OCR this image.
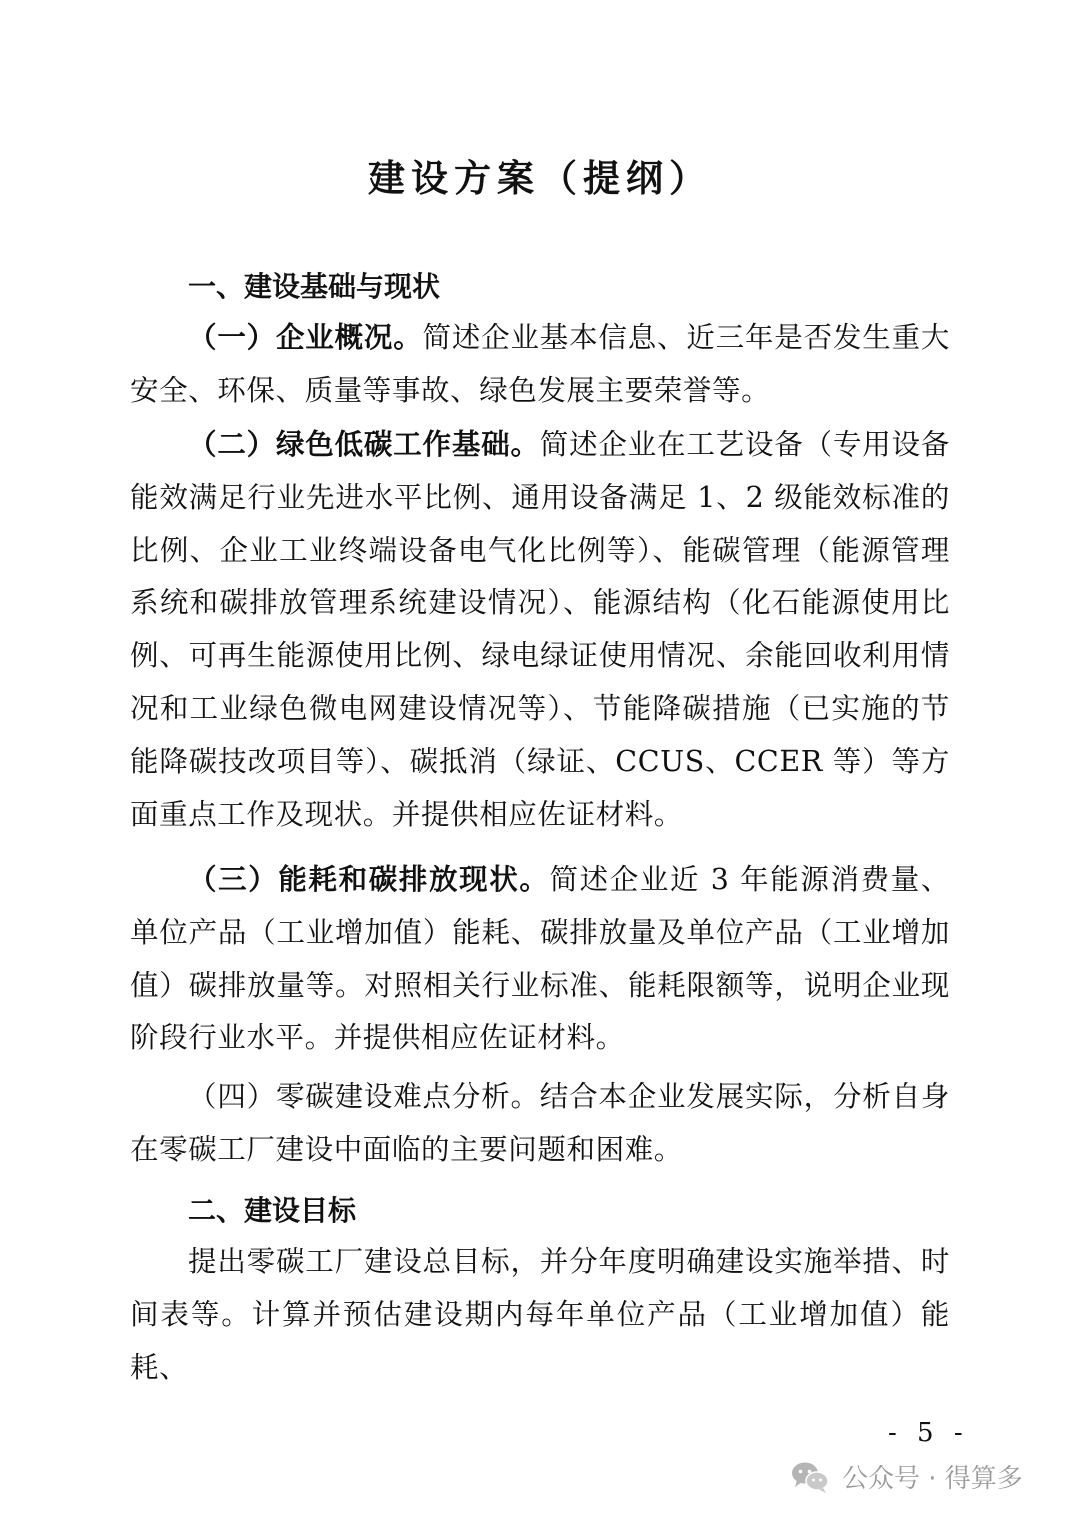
建设方案（提纲）
一、建设基础与现状

（一）企业概况。简述企业基本信息、近三年是否发生重大安全、环保、质量等事故、绿色发展主要荣誉等。

（二）绿色低碳工作基础。简述企业在工艺设备（专用设备能效满足行业先进水平比例、通用设备满足 1、2 级能效标准的比例、企业工业终端设备电气化比例等）、能碳管理（能源管理系统和碳排放管理系统建设情况）、能源结构（化石能源使用比例、可再生能源使用比例、绿电绿证使用情况、余能回收利用情况和工业绿色微电网建设情况等）、节能降碳措施（已实施的节能降碳技改项目等）、碳抵消（绿证、CCUS、CCER 等）等方面重点工作及现状。并提供相应佐证材料。

（三）能耗和碳排放现状。简述企业近 3 年能源消费量、单位产品（工业增加值）能耗、碳排放量及单位产品（工业增加值）碳排放量等。对照相关行业标准、能耗限额等，说明企业现阶段行业水平。并提供相应佐证材料。

（四）零碳建设难点分析。结合本企业发展实际，分析自身在零碳工厂建设中面临的主要问题和困难。

二、建设目标

提出零碳工厂建设总目标，并分年度明确建设实施举措、时间表等。计算并预估建设期内每年单位产品（工业增加值）能耗、

- 5 -
公众号 · 得算多
